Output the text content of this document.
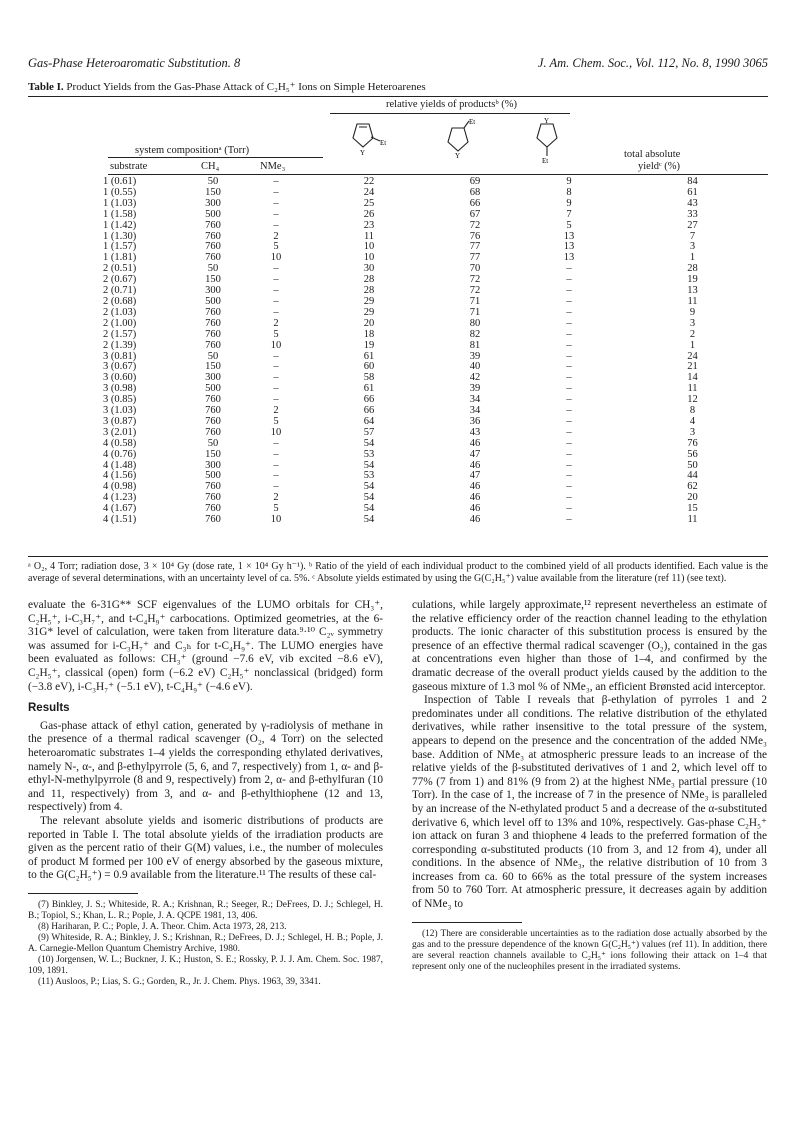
Gas-Phase Heteroaromatic Substitution. 8	J. Am. Chem. Soc., Vol. 112, No. 8, 1990 3065
Table I. Product Yields from the Gas-Phase Attack of C₂H₅⁺ Ions on Simple Heteroarenes
relative yields of productsᵇ (%)
Y
Et
Et
Y
Y
Et
system compositionᵃ (Torr)	total absolute
yieldᶜ (%)
substrate	CH₄	NMe₃
1 (0.61)	50	–	22	69	9	84
1 (0.55)	150	–	24	68	8	61
1 (1.03)	300	–	25	66	9	43
1 (1.58)	500	–	26	67	7	33
1 (1.42)	760	–	23	72	5	27
1 (1.30)	760	2	11	76	13	7
1 (1.57)	760	5	10	77	13	3
1 (1.81)	760	10	10	77	13	1
2 (0.51)	50	–	30	70	–	28
2 (0.67)	150	–	28	72	–	19
2 (0.71)	300	–	28	72	–	13
2 (0.68)	500	–	29	71	–	11
2 (1.03)	760	–	29	71	–	9
2 (1.00)	760	2	20	80	–	3
2 (1.57)	760	5	18	82	–	2
2 (1.39)	760	10	19	81	–	1
3 (0.81)	50	–	61	39	–	24
3 (0.67)	150	–	60	40	–	21
3 (0.60)	300	–	58	42	–	14
3 (0.98)	500	–	61	39	–	11
3 (0.85)	760	–	66	34	–	12
3 (1.03)	760	2	66	34	–	8
3 (0.87)	760	5	64	36	–	4
3 (2.01)	760	10	57	43	–	3
4 (0.58)	50	–	54	46	–	76
4 (0.76)	150	–	53	47	–	56
4 (1.48)	300	–	54	46	–	50
4 (1.56)	500	–	53	47	–	44
4 (0.98)	760	–	54	46	–	62
4 (1.23)	760	2	54	46	–	20
4 (1.67)	760	5	54	46	–	15
4 (1.51)	760	10	54	46	–	11
ᵃ O₂, 4 Torr; radiation dose, 3 × 10⁴ Gy (dose rate, 1 × 10⁴ Gy h⁻¹). ᵇ Ratio of the yield of each individual product to the combined yield of all products identified. Each value is the average of several determinations, with an uncertainty level of ca. 5%. ᶜ Absolute yields estimated by using the G(C₂H₅⁺) value available from the literature (ref 11) (see text).

evaluate the 6-31G** SCF eigenvalues of the LUMO orbitals for CH₃⁺, C₂H₅⁺, i-C₃H₇⁺, and t-C₄H₉⁺ carbocations. Optimized geometries, at the 6-31G* level of calculation, were taken from literature data.⁹·¹⁰ C₂ᵥ symmetry was assumed for i-C₃H₇⁺ and C₃ₕ for t-C₄H₉⁺. The LUMO energies have been evaluated as follows: CH₃⁺ (ground −7.6 eV, vib excited −8.6 eV), C₂H₅⁺, classical (open) form (−6.2 eV) C₂H₅⁺ nonclassical (bridged) form (−3.8 eV), i-C₃H₇⁺ (−5.1 eV), t-C₄H₉⁺ (−4.6 eV).

Results

Gas-phase attack of ethyl cation, generated by γ-radiolysis of methane in the presence of a thermal radical scavenger (O₂, 4 Torr) on the selected heteroaromatic substrates 1–4 yields the corresponding ethylated derivatives, namely N-, α-, and β-ethylpyrrole (5, 6, and 7, respectively) from 1, α- and β-ethyl-N-methylpyrrole (8 and 9, respectively) from 2, α- and β-ethylfuran (10 and 11, respectively) from 3, and α- and β-ethylthiophene (12 and 13, respectively) from 4.

The relevant absolute yields and isomeric distributions of products are reported in Table I. The total absolute yields of the irradiation products are given as the percent ratio of their G(M) values, i.e., the number of molecules of product M formed per 100 eV of energy absorbed by the gaseous mixture, to the G(C₂H₅⁺) = 0.9 available from the literature.¹¹ The results of these cal-

(7) Binkley, J. S.; Whiteside, R. A.; Krishnan, R.; Seeger, R.; DeFrees, D. J.; Schlegel, H. B.; Topiol, S.; Khan, L. R.; Pople, J. A. QCPE 1981, 13, 406.

(8) Hariharan, P. C.; Pople, J. A. Theor. Chim. Acta 1973, 28, 213.

(9) Whiteside, R. A.; Binkley, J. S.; Krishnan, R.; DeFrees, D. J.; Schlegel, H. B.; Pople, J. A. Carnegie-Mellon Quantum Chemistry Archive, 1980.

(10) Jorgensen, W. L.; Buckner, J. K.; Huston, S. E.; Rossky, P. J. J. Am. Chem. Soc. 1987, 109, 1891.

(11) Ausloos, P.; Lias, S. G.; Gorden, R., Jr. J. Chem. Phys. 1963, 39, 3341.

culations, while largely approximate,¹² represent nevertheless an estimate of the relative efficiency order of the reaction channel leading to the ethylation products. The ionic character of this substitution process is ensured by the presence of an effective thermal radical scavenger (O₂), contained in the gas at concentrations even higher than those of 1–4, and confirmed by the dramatic decrease of the overall product yields caused by the addition to the gaseous mixture of 1.3 mol % of NMe₃, an efficient Brønsted acid interceptor.

Inspection of Table I reveals that β-ethylation of pyrroles 1 and 2 predominates under all conditions. The relative distribution of the ethylated derivatives, while rather insensitive to the total pressure of the system, appears to depend on the presence and the concentration of the added NMe₃ base. Addition of NMe₃ at atmospheric pressure leads to an increase of the relative yields of the β-substituted derivatives of 1 and 2, which level off to 77% (7 from 1) and 81% (9 from 2) at the highest NMe₃ partial pressure (10 Torr). In the case of 1, the increase of 7 in the presence of NMe₃ is paralleled by an increase of the N-ethylated product 5 and a decrease of the α-substituted derivative 6, which level off to 13% and 10%, respectively. Gas-phase C₂H₅⁺ ion attack on furan 3 and thiophene 4 leads to the preferred formation of the corresponding α-substituted products (10 from 3, and 12 from 4), under all conditions. In the absence of NMe₃, the relative distribution of 10 from 3 increases from ca. 60 to 66% as the total pressure of the system increases from 50 to 760 Torr. At atmospheric pressure, it decreases again by addition of NMe₃ to

(12) There are considerable uncertainties as to the radiation dose actually absorbed by the gas and to the pressure dependence of the known G(C₂H₅⁺) values (ref 11). In addition, there are several reaction channels available to C₂H₅⁺ ions following their attack on 1–4 that represent only one of the nucleophiles present in the irradiated systems.
